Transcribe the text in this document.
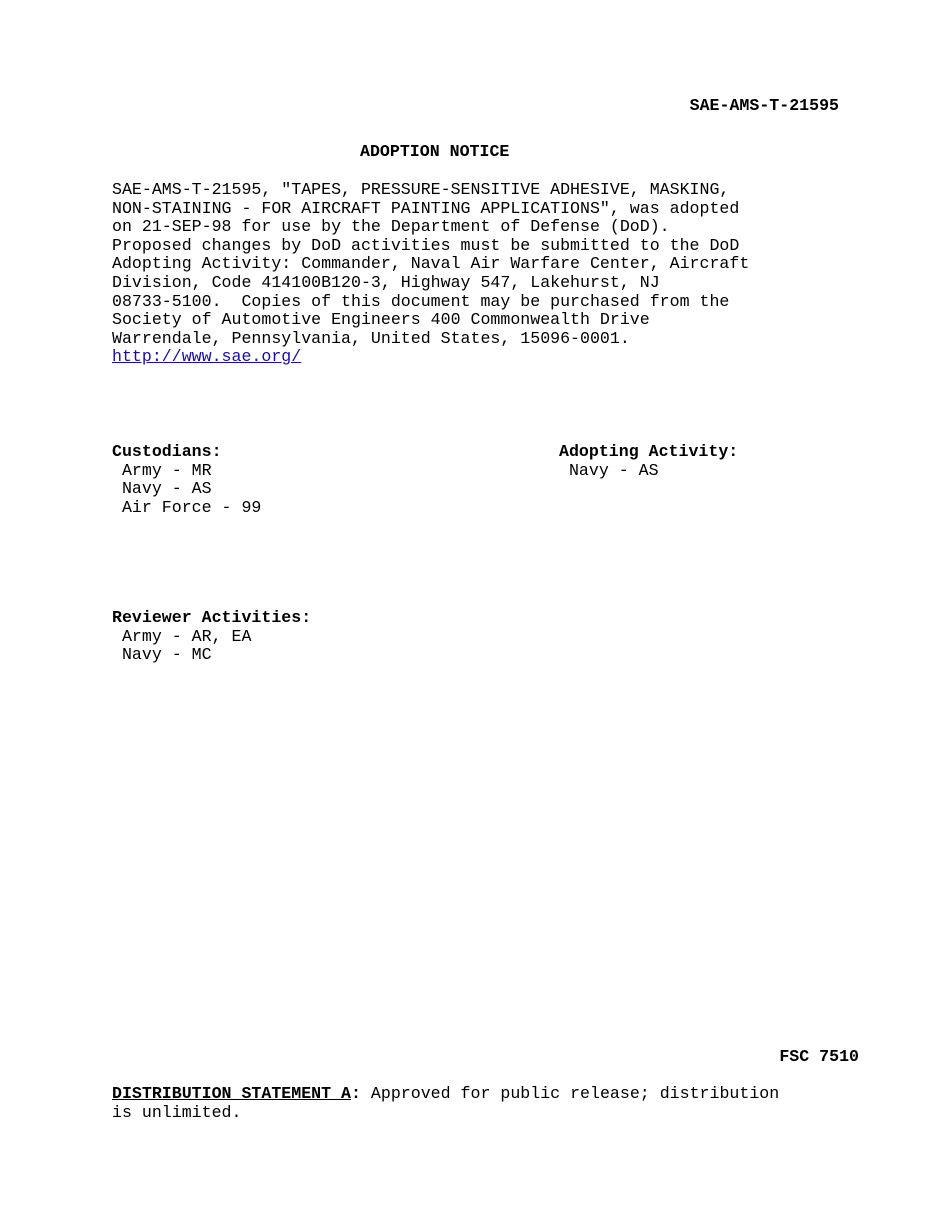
SAE-AMS-T-21595
ADOPTION NOTICE
SAE-AMS-T-21595, "TAPES, PRESSURE-SENSITIVE ADHESIVE, MASKING,
NON-STAINING - FOR AIRCRAFT PAINTING APPLICATIONS", was adopted
on 21-SEP-98 for use by the Department of Defense (DoD).
Proposed changes by DoD activities must be submitted to the DoD
Adopting Activity: Commander, Naval Air Warfare Center, Aircraft
Division, Code 414100B120-3, Highway 547, Lakehurst, NJ
08733-5100.  Copies of this document may be purchased from the
Society of Automotive Engineers 400 Commonwealth Drive
Warrendale, Pennsylvania, United States, 15096-0001.
http://www.sae.org/
Custodians:
Army - MR
Navy - AS
Air Force - 99
Adopting Activity:
Navy - AS
Reviewer Activities:
Army - AR, EA
Navy - MC
FSC 7510
DISTRIBUTION STATEMENT A: Approved for public release; distribution
is unlimited.
